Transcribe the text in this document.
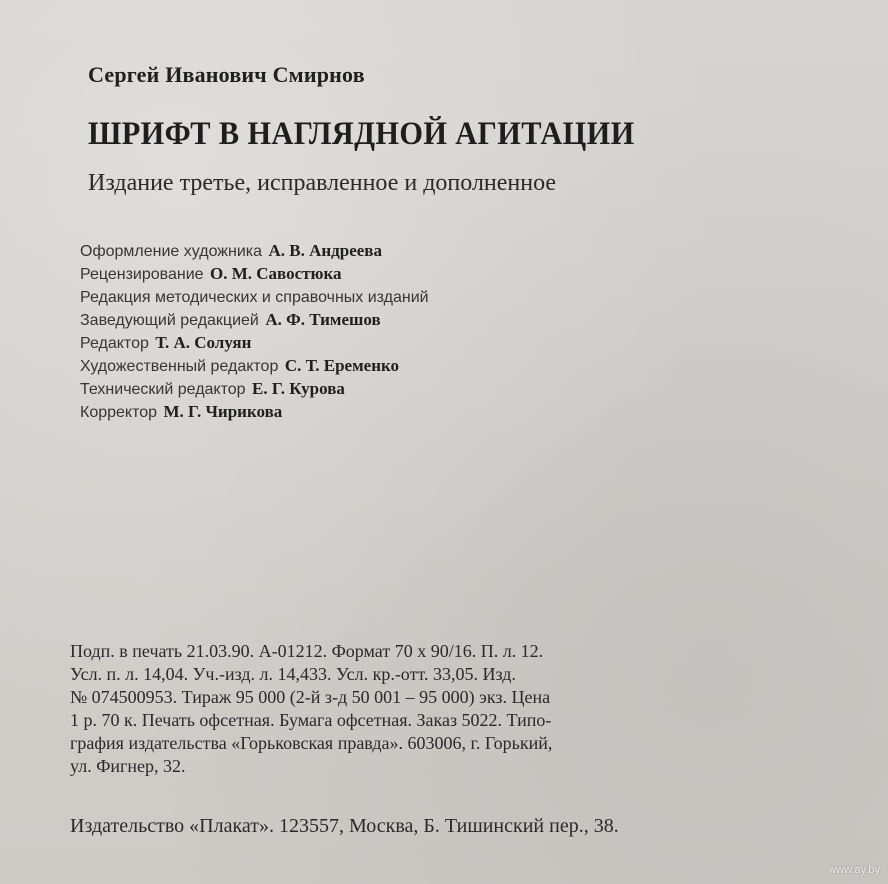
Сергей Иванович Смирнов
ШРИФТ В НАГЛЯДНОЙ АГИТАЦИИ
Издание третье, исправленное и дополненное
Оформление художника А. В. Андреева
Рецензирование О. М. Савостюка
Редакция методических и справочных изданий
Заведующий редакцией А. Ф. Тимешов
Редактор Т. А. Солуян
Художественный редактор С. Т. Еременко
Технический редактор Е. Г. Курова
Корректор М. Г. Чирикова
Подп. в печать 21.03.90. А-01212. Формат 70 х 90/16. П. л. 12.
Усл. п. л. 14,04. Уч.-изд. л. 14,433. Усл. кр.-отт. 33,05. Изд.
№ 074500953. Тираж 95 000 (2-й з-д 50 001 – 95 000) экз. Цена
1 р. 70 к. Печать офсетная. Бумага офсетная. Заказ 5022. Типо-
графия издательства «Горьковская правда». 603006, г. Горький,
ул. Фигнер, 32.
Издательство «Плакат». 123557, Москва, Б. Тишинский пер., 38.
www.ay.by
